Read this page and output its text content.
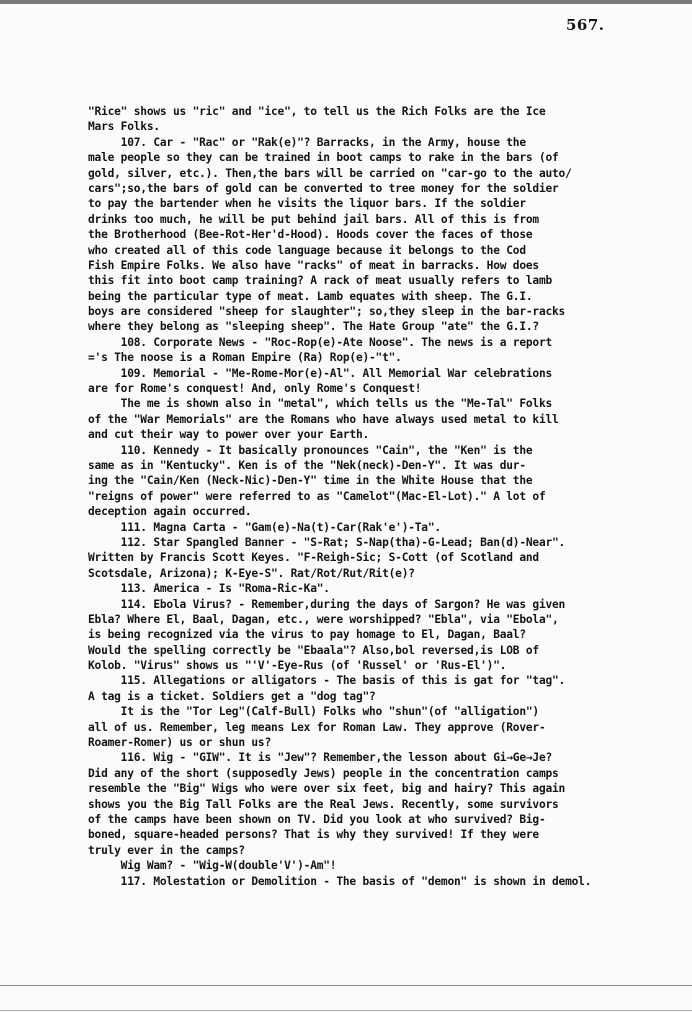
567.
"Rice" shows us "ric" and "ice", to tell us the Rich Folks are the Ice
Mars Folks.
107. Car - "Rac" or "Rak(e)"? Barracks, in the Army, house the
male people so they can be trained in boot camps to rake in the bars (of
gold, silver, etc.). Then,the bars will be carried on "car-go to the auto/
cars";so,the bars of gold can be converted to tree money for the soldier
to pay the bartender when he visits the liquor bars. If the soldier
drinks too much, he will be put behind jail bars. All of this is from
the Brotherhood (Bee-Rot-Her'd-Hood). Hoods cover the faces of those
who created all of this code language because it belongs to the Cod
Fish Empire Folks. We also have "racks" of meat in barracks. How does
this fit into boot camp training? A rack of meat usually refers to lamb
being the particular type of meat. Lamb equates with sheep. The G.I.
boys are considered "sheep for slaughter"; so,they sleep in the bar-racks
where they belong as "sleeping sheep". The Hate Group "ate" the G.I.?
108. Corporate News - "Roc-Rop(e)-Ate Noose". The news is a report
='s The noose is a Roman Empire (Ra) Rop(e)-"t".
109. Memorial - "Me-Rome-Mor(e)-Al". All Memorial War celebrations
are for Rome's conquest! And, only Rome's Conquest!
The me is shown also in "metal", which tells us the "Me-Tal" Folks
of the "War Memorials" are the Romans who have always used metal to kill
and cut their way to power over your Earth.
110. Kennedy - It basically pronounces "Cain", the "Ken" is the
same as in "Kentucky". Ken is of the "Nek(neck)-Den-Y". It was dur-
ing the "Cain/Ken (Neck-Nic)-Den-Y" time in the White House that the
"reigns of power" were referred to as "Camelot"(Mac-El-Lot)." A lot of
deception again occurred.
111. Magna Carta - "Gam(e)-Na(t)-Car(Rak'e')-Ta".
112. Star Spangled Banner - "S-Rat; S-Nap(tha)-G-Lead; Ban(d)-Near".
Written by Francis Scott Keyes. "F-Reigh-Sic; S-Cott (of Scotland and
Scotsdale, Arizona); K-Eye-S". Rat/Rot/Rut/Rit(e)?
113. America - Is "Roma-Ric-Ka".
114. Ebola Virus? - Remember,during the days of Sargon? He was given
Ebla? Where El, Baal, Dagan, etc., were worshipped? "Ebla", via "Ebola",
is being recognized via the virus to pay homage to El, Dagan, Baal?
Would the spelling correctly be "Ebaala"? Also,bol reversed,is LOB of
Kolob. "Virus" shows us "'V'-Eye-Rus (of 'Russel' or 'Rus-El')".
115. Allegations or alligators - The basis of this is gat for "tag".
A tag is a ticket. Soldiers get a "dog tag"?
It is the "Tor Leg"(Calf-Bull) Folks who "shun"(of "alligation")
all of us. Remember, leg means Lex for Roman Law. They approve (Rover-
Roamer-Romer) us or shun us?
116. Wig - "GIW". It is "Jew"? Remember,the lesson about Gi→Ge→Je?
Did any of the short (supposedly Jews) people in the concentration camps
resemble the "Big" Wigs who were over six feet, big and hairy? This again
shows you the Big Tall Folks are the Real Jews. Recently, some survivors
of the camps have been shown on TV. Did you look at who survived? Big-
boned, square-headed persons? That is why they survived! If they were
truly ever in the camps?
Wig Wam? - "Wig-W(double'V')-Am"!
117. Molestation or Demolition - The basis of "demon" is shown in demol.
